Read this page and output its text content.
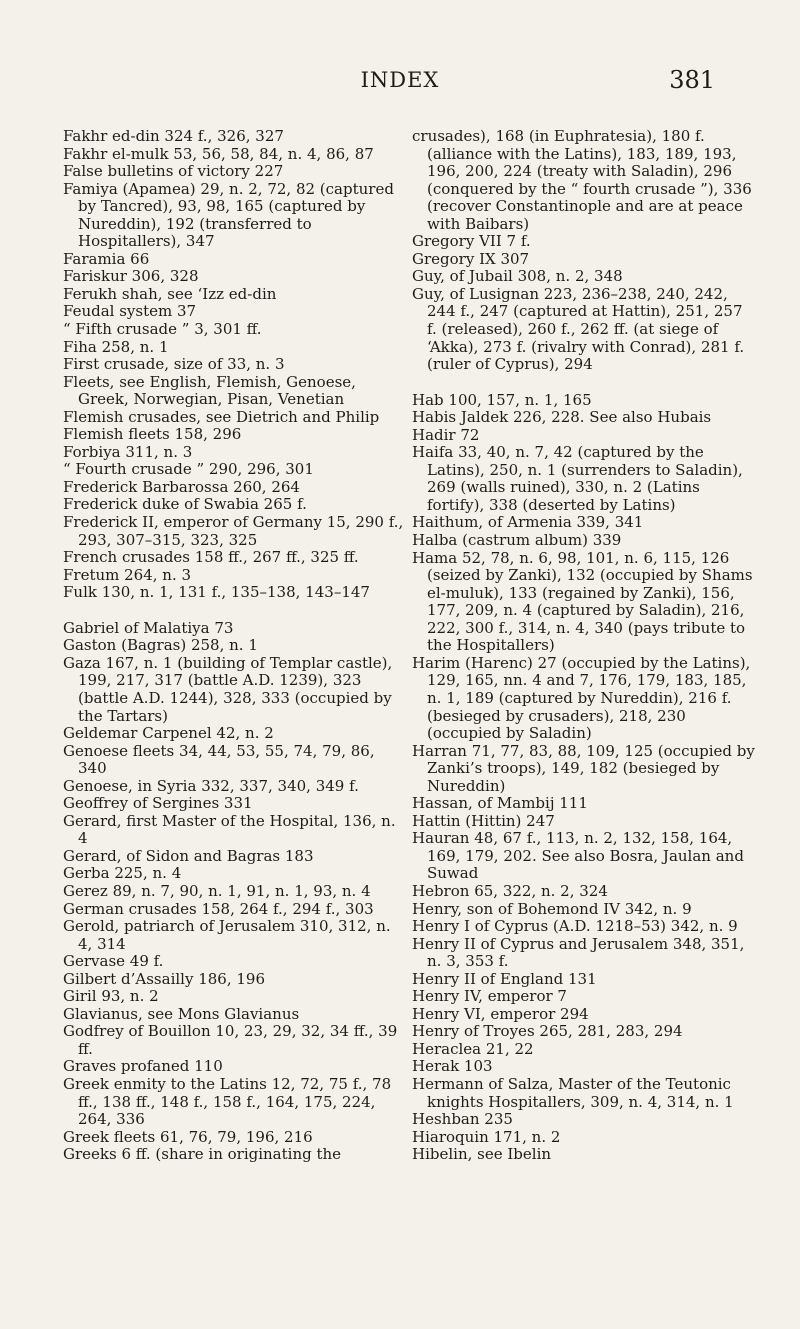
INDEX	381

Fakhr ed-din 324 f., 326, 327

Fakhr el-mulk 53, 56, 58, 84, n. 4, 86, 87

False bulletins of victory 227

Famiya (Apamea) 29, n. 2, 72, 82 (captured by Tancred), 93, 98, 165 (captured by Nureddin), 192 (transferred to Hospitallers), 347

Faramia 66

Fariskur 306, 328

Ferukh shah, see ‘Izz ed-din

Feudal system 37

“ Fifth crusade ” 3, 301 ff.

Fiha 258, n. 1

First crusade, size of 33, n. 3

Fleets, see English, Flemish, Genoese, Greek, Norwegian, Pisan, Venetian

Flemish crusades, see Dietrich and Philip

Flemish fleets 158, 296

Forbiya 311, n. 3

“ Fourth crusade ” 290, 296, 301

Frederick Barbarossa 260, 264

Frederick duke of Swabia 265 f.

Frederick II, emperor of Germany 15, 290 f., 293, 307–315, 323, 325

French crusades 158 ff., 267 ff., 325 ff.

Fretum 264, n. 3

Fulk 130, n. 1, 131 f., 135–138, 143–147

Gabriel of Malatiya 73

Gaston (Bagras) 258, n. 1

Gaza 167, n. 1 (building of Templar castle), 199, 217, 317 (battle A.D. 1239), 323 (battle A.D. 1244), 328, 333 (occupied by the Tartars)

Geldemar Carpenel 42, n. 2

Genoese fleets 34, 44, 53, 55, 74, 79, 86, 340

Genoese, in Syria 332, 337, 340, 349 f.

Geoffrey of Sergines 331

Gerard, first Master of the Hospital, 136, n. 4

Gerard, of Sidon and Bagras 183

Gerba 225, n. 4

Gerez 89, n. 7, 90, n. 1, 91, n. 1, 93, n. 4

German crusades 158, 264 f., 294 f., 303

Gerold, patriarch of Jerusalem 310, 312, n. 4, 314

Gervase 49 f.

Gilbert d’Assailly 186, 196

Giril 93, n. 2

Glavianus, see Mons Glavianus

Godfrey of Bouillon 10, 23, 29, 32, 34 ff., 39 ff.

Graves profaned 110

Greek enmity to the Latins 12, 72, 75 f., 78 ff., 138 ff., 148 f., 158 f., 164, 175, 224, 264, 336

Greek fleets 61, 76, 79, 196, 216

Greeks 6 ff. (share in originating the

crusades), 168 (in Euphratesia), 180 f. (alliance with the Latins), 183, 189, 193, 196, 200, 224 (treaty with Saladin), 296 (conquered by the “ fourth crusade ”), 336 (recover Constantinople and are at peace with Baibars)

Gregory VII 7 f.

Gregory IX 307

Guy, of Jubail 308, n. 2, 348

Guy, of Lusignan 223, 236–238, 240, 242, 244 f., 247 (captured at Hattin), 251, 257 f. (released), 260 f., 262 ff. (at siege of ‘Akka), 273 f. (rivalry with Conrad), 281 f. (ruler of Cyprus), 294

Hab 100, 157, n. 1, 165

Habis Jaldek 226, 228. See also Hubais

Hadir 72

Haifa 33, 40, n. 7, 42 (captured by the Latins), 250, n. 1 (surrenders to Saladin), 269 (walls ruined), 330, n. 2 (Latins fortify), 338 (deserted by Latins)

Haithum, of Armenia 339, 341

Halba (castrum album) 339

Hama 52, 78, n. 6, 98, 101, n. 6, 115, 126 (seized by Zanki), 132 (occupied by Shams el-muluk), 133 (regained by Zanki), 156, 177, 209, n. 4 (captured by Saladin), 216, 222, 300 f., 314, n. 4, 340 (pays tribute to the Hospitallers)

Harim (Harenc) 27 (occupied by the Latins), 129, 165, nn. 4 and 7, 176, 179, 183, 185, n. 1, 189 (captured by Nureddin), 216 f. (besieged by crusaders), 218, 230 (occupied by Saladin)

Harran 71, 77, 83, 88, 109, 125 (occupied by Zanki’s troops), 149, 182 (besieged by Nureddin)

Hassan, of Mambij 111

Hattin (Hittin) 247

Hauran 48, 67 f., 113, n. 2, 132, 158, 164, 169, 179, 202. See also Bosra, Jaulan and Suwad

Hebron 65, 322, n. 2, 324

Henry, son of Bohemond IV 342, n. 9

Henry I of Cyprus (A.D. 1218–53) 342, n. 9

Henry II of Cyprus and Jerusalem 348, 351, n. 3, 353 f.

Henry II of England 131

Henry IV, emperor 7

Henry VI, emperor 294

Henry of Troyes 265, 281, 283, 294

Heraclea 21, 22

Herak 103

Hermann of Salza, Master of the Teutonic knights Hospitallers, 309, n. 4, 314, n. 1

Heshban 235

Hiaroquin 171, n. 2

Hibelin, see Ibelin
